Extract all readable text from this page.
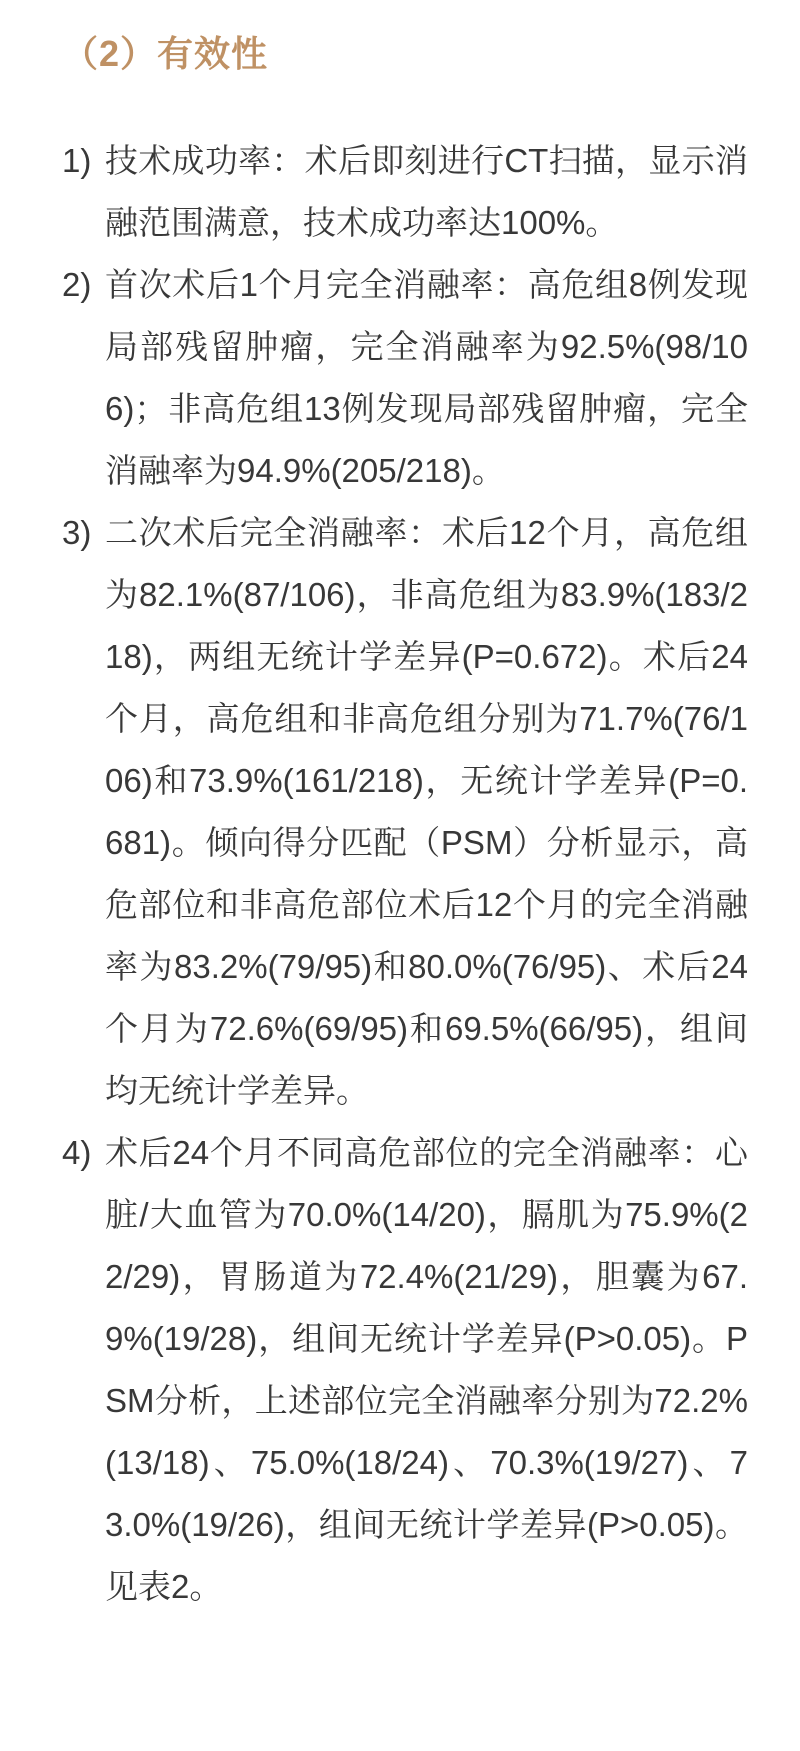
（2）有效性
1) 技术成功率：术后即刻进行CT扫描，显示消融范围满意，技术成功率达100%。

2) 首次术后1个月完全消融率：高危组8例发现局部残留肿瘤，完全消融率为92.5%(98/106)；非高危组13例发现局部残留肿瘤，完全消融率为94.9%(205/218)。

3) 二次术后完全消融率：术后12个月，高危组为82.1%(87/106)，非高危组为83.9%(183/218)，两组无统计学差异(P=0.672)。术后24个月，高危组和非高危组分别为71.7%(76/106)和73.9%(161/218)，无统计学差异(P=0.681)。倾向得分匹配（PSM）分析显示，高危部位和非高危部位术后12个月的完全消融率为83.2%(79/95)和80.0%(76/95)、术后24个月为72.6%(69/95)和69.5%(66/95)，组间均无统计学差异。

4) 术后24个月不同高危部位的完全消融率：心脏/大血管为70.0%(14/20)，膈肌为75.9%(22/29)，胃肠道为72.4%(21/29)，胆囊为67.9%(19/28)，组间无统计学差异(P>0.05)。PSM分析，上述部位完全消融率分别为72.2%(13/18)、75.0%(18/24)、70.3%(19/27)、73.0%(19/26)，组间无统计学差异(P>0.05)。见表2。
